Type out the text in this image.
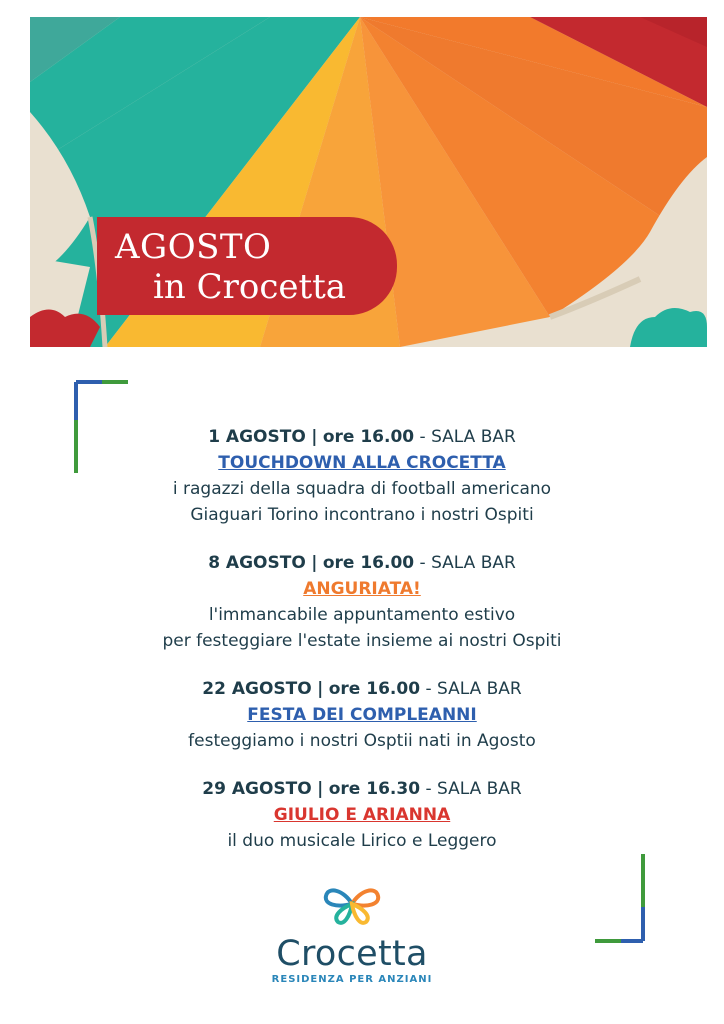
AGOSTO
in Crocetta
1 AGOSTO | ore 16.00 - SALA BAR
TOUCHDOWN ALLA CROCETTA
i ragazzi della squadra di football americano
Giaguari Torino incontrano i nostri Ospiti
8 AGOSTO | ore 16.00 - SALA BAR
ANGURIATA!
l'immancabile appuntamento estivo
per festeggiare l'estate insieme ai nostri Ospiti
22 AGOSTO | ore 16.00 - SALA BAR
FESTA DEI COMPLEANNI
festeggiamo i nostri Osptii nati in Agosto
29 AGOSTO | ore 16.30 - SALA BAR
GIULIO E ARIANNA
il duo musicale Lirico e Leggero
Crocetta
RESIDENZA PER ANZIANI
